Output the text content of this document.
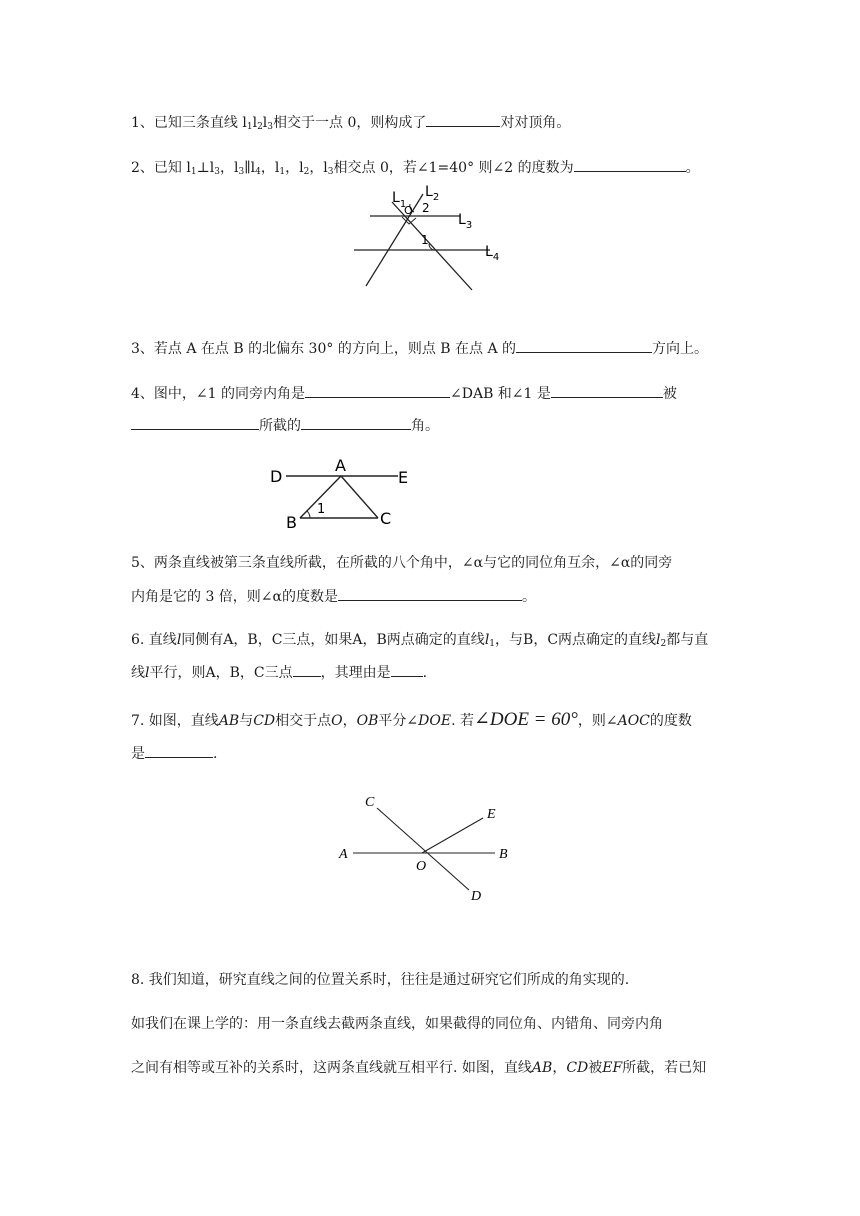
1、已知三条直线 $l_1l_2l_3$相交于一点 0，则构成了	对对顶角。
2、已知 $l_1\perp l_3$，$l_3\parallel l_4$，$l_1$，$l_2$，$l_3$相交点 0，若∠1=40° 则∠2 的度数为	。
$L_1$
$L_2$
O 2
$L_3$
1
$L_4$
3、若点 A 在点 B 的北偏东 30° 的方向上，则点 B 在点 A 的	方向上。
4、图中，∠1 的同旁内角是	∠DAB 和∠1 是	被
所截的	角。
D
A
E
B	C
1
5、两条直线被第三条直线所截，在所截的八个角中，∠α与它的同位角互余，∠α的同旁
内角是它的 3 倍，则∠α的度数是	。
6. 直线l同侧有A，B，C三点，如果A，B两点确定的直线$l_1$，与B，C两点确定的直线$l_2$都与直
线l平行，则A，B，C三点 ，其理由是 .
7. 如图，直线AB与CD相交于点O，OB平分∠DOE. 若∠DOE = 60°，则∠AOC的度数
是	.
C
E
A	B
O
D
8. 我们知道，研究直线之间的位置关系时，往往是通过研究它们所成的角实现的.
如我们在课上学的：用一条直线去截两条直线，如果截得的同位角、内错角、同旁内角
之间有相等或互补的关系时，这两条直线就互相平行. 如图，直线AB，CD被EF所截，若已知
